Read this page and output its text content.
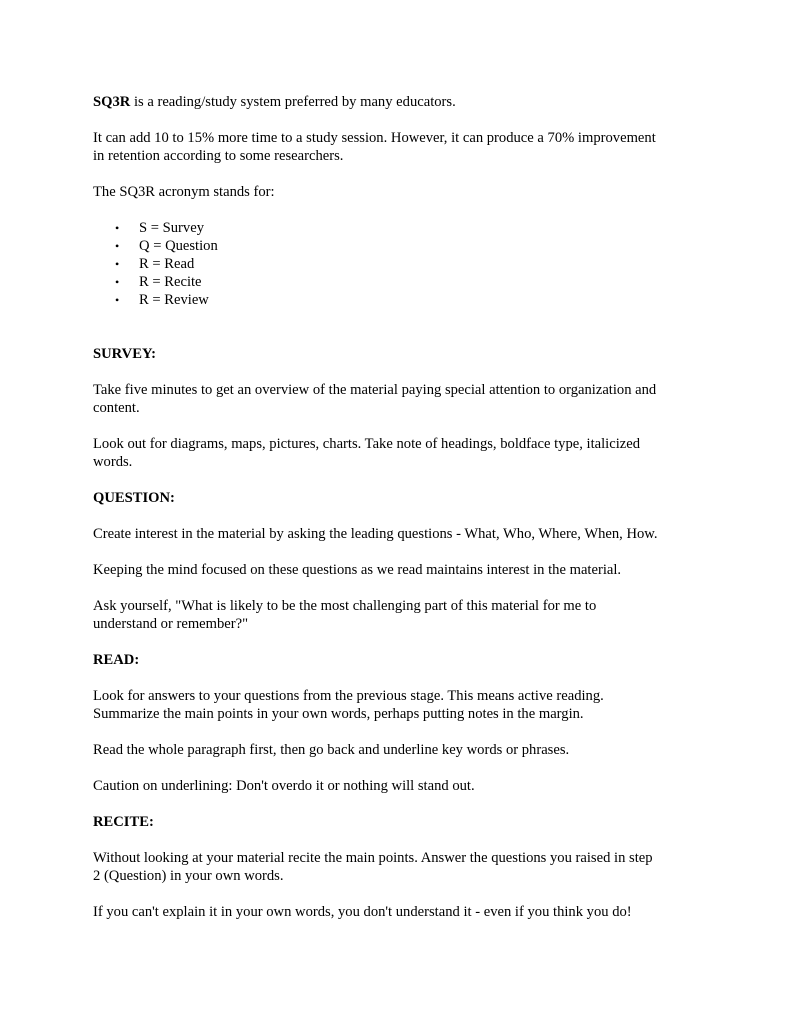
SQ3R is a reading/study system preferred by many educators.

It can add 10 to 15% more time to a study session. However, it can produce a 70% improvement
in retention according to some researchers.

The SQ3R acronym stands for:

• S = Survey
• Q = Question
• R = Read
• R = Recite
• R = Review
SURVEY:

Take five minutes to get an overview of the material paying special attention to organization and
content.

Look out for diagrams, maps, pictures, charts. Take note of headings, boldface type, italicized
words.

QUESTION:

Create interest in the material by asking the leading questions - What, Who, Where, When, How.

Keeping the mind focused on these questions as we read maintains interest in the material.

Ask yourself, "What is likely to be the most challenging part of this material for me to
understand or remember?"

READ:

Look for answers to your questions from the previous stage. This means active reading.
Summarize the main points in your own words, perhaps putting notes in the margin.

Read the whole paragraph first, then go back and underline key words or phrases.

Caution on underlining: Don't overdo it or nothing will stand out.

RECITE:

Without looking at your material recite the main points. Answer the questions you raised in step
2 (Question) in your own words.

If you can't explain it in your own words, you don't understand it - even if you think you do!
